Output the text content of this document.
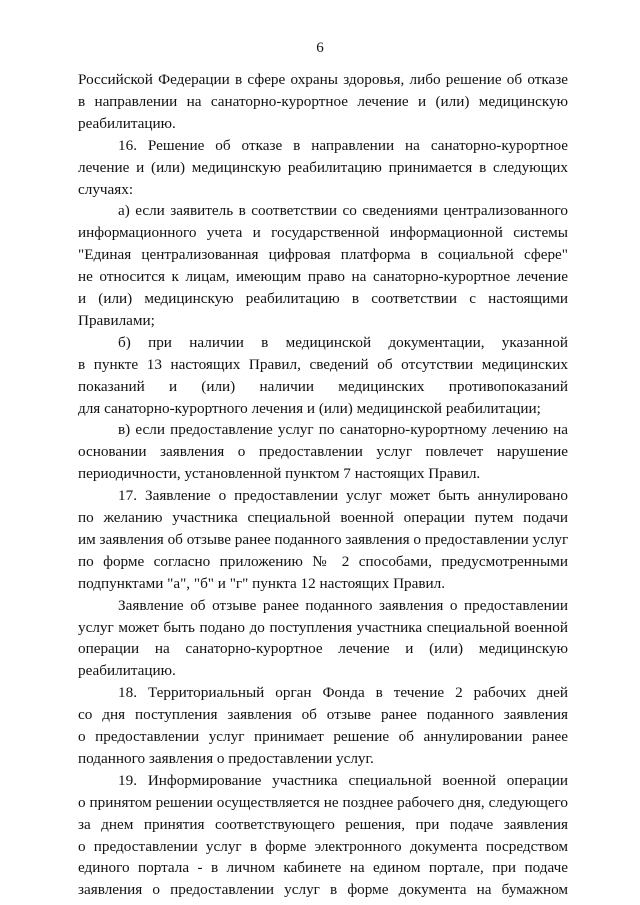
6
Российской Федерации в сфере охраны здоровья, либо решение об отказе
в направлении на санаторно-курортное лечение и (или) медицинскую
реабилитацию.
16. Решение об отказе в направлении на санаторно-курортное
лечение и (или) медицинскую реабилитацию принимается в следующих
случаях:
а) если заявитель в соответствии со сведениями централизованного
информационного учета и государственной информационной системы
"Единая централизованная цифровая платформа в социальной сфере"
не относится к лицам, имеющим право на санаторно-курортное лечение
и (или) медицинскую реабилитацию в соответствии с настоящими
Правилами;
б) при наличии в медицинской документации, указанной
в пункте 13 настоящих Правил, сведений об отсутствии медицинских
показаний и (или) наличии медицинских противопоказаний
для санаторно-курортного лечения и (или) медицинской реабилитации;
в) если предоставление услуг по санаторно-курортному лечению на
основании заявления о предоставлении услуг повлечет нарушение
периодичности, установленной пунктом 7 настоящих Правил.
17. Заявление о предоставлении услуг может быть аннулировано
по желанию участника специальной военной операции путем подачи
им заявления об отзыве ранее поданного заявления о предоставлении услуг
по форме согласно приложению № 2 способами, предусмотренными
подпунктами "а", "б" и "г" пункта 12 настоящих Правил.
Заявление об отзыве ранее поданного заявления о предоставлении
услуг может быть подано до поступления участника специальной военной
операции на санаторно-курортное лечение и (или) медицинскую
реабилитацию.
18. Территориальный орган Фонда в течение 2 рабочих дней
со дня поступления заявления об отзыве ранее поданного заявления
о предоставлении услуг принимает решение об аннулировании ранее
поданного заявления о предоставлении услуг.
19. Информирование участника специальной военной операции
о принятом решении осуществляется не позднее рабочего дня, следующего
за днем принятия соответствующего решения, при подаче заявления
о предоставлении услуг в форме электронного документа посредством
единого портала - в личном кабинете на едином портале, при подаче
заявления о предоставлении услуг в форме документа на бумажном
